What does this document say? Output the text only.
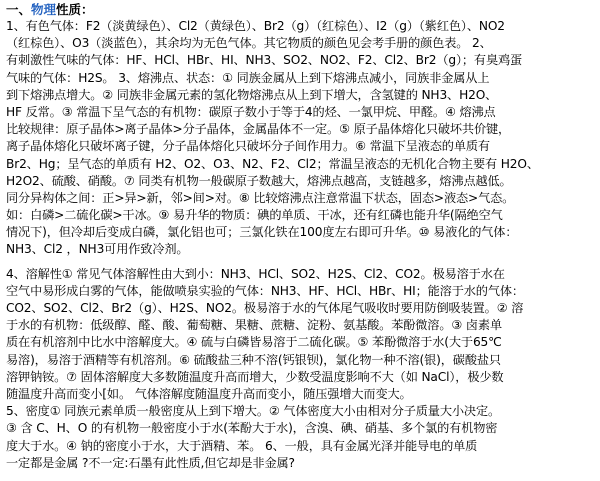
一、物理性质：

1、有色气体：F2（淡黄绿色）、Cl2（黄绿色）、Br2（g）（红棕色）、I2（g）（紫红色）、NO2

（红棕色）、O3（淡蓝色），其余均为无色气体。其它物质的颜色见会考手册的颜色表。 2、

有刺激性气味的气体：HF、HCl、HBr、HI、NH3、SO2、NO2、F2、Cl2、Br2（g）；有臭鸡蛋

气味的气体：H2S。 3、熔沸点、状态：① 同族金属从上到下熔沸点减小，同族非金属从上

到下熔沸点增大。② 同族非金属元素的氢化物熔沸点从上到下增大，含氢键的 NH3、H2O、

HF 反常。③ 常温下呈气态的有机物：碳原子数小于等于4的烃、一氯甲烷、甲醛。④ 熔沸点

比较规律：原子晶体>离子晶体>分子晶体，金属晶体不一定。⑤ 原子晶体熔化只破坏共价键，

离子晶体熔化只破坏离子键，分子晶体熔化只破坏分子间作用力。⑥ 常温下呈液态的单质有

Br2、Hg；呈气态的单质有 H2、O2、O3、N2、F2、Cl2；常温呈液态的无机化合物主要有 H2O、

H2O2、硫酸、硝酸。⑦ 同类有机物一般碳原子数越大，熔沸点越高，支链越多，熔沸点越低。

同分异构体之间：正>异>新，邻>间>对。⑧ 比较熔沸点注意常温下状态，固态>液态>气态。

如：白磷>二硫化碳>干冰。⑨ 易升华的物质：碘的单质、干冰，还有红磷也能升华(隔绝空气

情况下)，但冷却后变成白磷，氯化铝也可；三氯化铁在100度左右即可升华。⑩ 易液化的气体：

NH3、Cl2 ，NH3可用作致冷剂。

4、溶解性① 常见气体溶解性由大到小：NH3、HCl、SO2、H2S、Cl2、CO2。极易溶于水在

空气中易形成白雾的气体，能做喷泉实验的气体：NH3、HF、HCl、HBr、HI；能溶于水的气体：

CO2、SO2、Cl2、Br2（g）、H2S、NO2。极易溶于水的气体尾气吸收时要用防倒吸装置。② 溶

于水的有机物：低级醇、醛、酸、葡萄糖、果糖、蔗糖、淀粉、氨基酸。苯酚微溶。③ 卤素单

质在有机溶剂中比水中溶解度大。④ 硫与白磷皆易溶于二硫化碳。⑤ 苯酚微溶于水(大于65℃

易溶)，易溶于酒精等有机溶剂。⑥ 硫酸盐三种不溶(钙银钡)，氯化物一种不溶(银)，碳酸盐只

溶钾钠铵。⑦ 固体溶解度大多数随温度升高而增大，少数受温度影响不大（如 NaCl），极少数

随温度升高而变小[如。 气体溶解度随温度升高而变小，随压强增大而变大。

5、密度① 同族元素单质一般密度从上到下增大。② 气体密度大小由相对分子质量大小决定。

③ 含 C、H、O 的有机物一般密度小于水(苯酚大于水)，含溴、碘、硝基、多个氯的有机物密

度大于水。④ 钠的密度小于水，大于酒精、苯。 6、一般，具有金属光泽并能导电的单质

一定都是金属 ?不一定:石墨有此性质,但它却是非金属?
